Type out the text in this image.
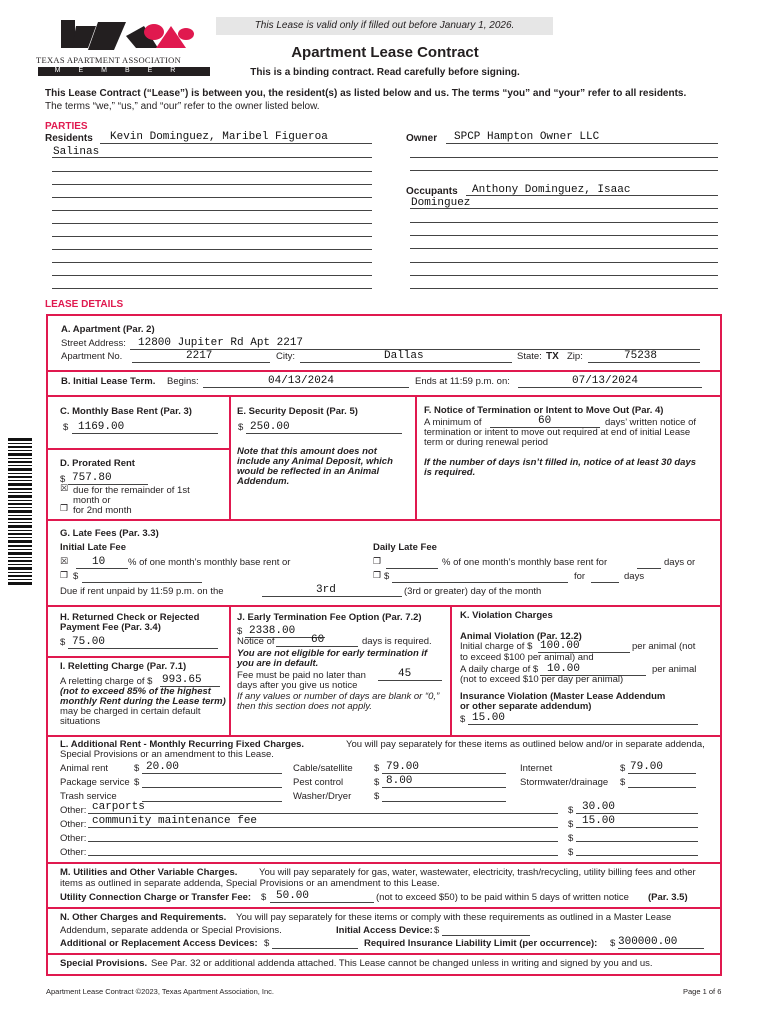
TEXAS APARTMENT ASSOCIATION
MEMBER
This Lease is valid only if filled out before January 1, 2026.
Apartment Lease Contract
This is a binding contract. Read carefully before signing.
This Lease Contract (“Lease”) is between you, the resident(s) as listed below and us. The terms “you” and “your” refer to all residents.
The terms “we,” “us,” and “our” refer to the owner listed below.
PARTIES
Residents Kevin Dominguez, Maribel Figueroa
Salinas
Owner SPCP Hampton Owner LLC
Occupants Anthony Dominguez, Isaac
Dominguez
LEASE DETAILS
A. Apartment (Par. 2)
Street Address: 12800 Jupiter Rd Apt 2217
Apartment No.	2217	City:	Dallas	State: TX Zip:	75238
B. Initial Lease Term. Begins:	04/13/2024	Ends at 11:59 p.m. on:	07/13/2024
C. Monthly Base Rent (Par. 3)
$ 1169.00
D. Prorated Rent
$ 757.80
☒ due for the remainder of 1st
month or
❐ for 2nd month
E. Security Deposit (Par. 5)
$ 250.00
Note that this amount does not
include any Animal Deposit, which
would be reflected in an Animal
Addendum.
F. Notice of Termination or Intent to Move Out (Par. 4)
A minimum of	60	days’ written notice of
termination or intent to move out required at end of initial Lease
term or during renewal period
If the number of days isn’t filled in, notice of at least 30 days
is required.
G. Late Fees (Par. 3.3)
Initial Late Fee
☒ 10 % of one month’s monthly base rent or
❐ $
Daily Late Fee
❐	% of one month’s monthly base rent for	days or
❐ $	for	days
Due if rent unpaid by 11:59 p.m. on the	3rd	(3rd or greater) day of the month
H. Returned Check or Rejected
Payment Fee (Par. 3.4)
$ 75.00
I. Reletting Charge (Par. 7.1)
A reletting charge of $ 993.65
(not to exceed 85% of the highest
monthly Rent during the Lease term)
may be charged in certain default
situations
J. Early Termination Fee Option (Par. 7.2)
$ 2338.00
Notice of	60	days is required.
You are not eligible for early termination if
you are in default.
Fee must be paid no later than	45
days after you give us notice
If any values or number of days are blank or “0,”
then this section does not apply.
K. Violation Charges
Animal Violation (Par. 12.2)
Initial charge of $ 100.00	per animal (not
to exceed $100 per animal) and
A daily charge of $ 10.00	per animal
(not to exceed $10 per day per animal)
Insurance Violation (Master Lease Addendum
or other separate addendum)
$ 15.00
L. Additional Rent - Monthly Recurring Fixed Charges.	You will pay separately for these items as outlined below and/or in separate addenda,
Special Provisions or an amendment to this Lease.
Animal rent	$ 20.00	Cable/satellite $ 79.00	Internet	$ 79.00
Package service $	Pest control	$ 8.00	Stormwater/drainage $
Trash service	Washer/Dryer $
Other: carports	$ 30.00
Other: community maintenance fee	$ 15.00
Other:	$
Other:	$
M. Utilities and Other Variable Charges. You will pay separately for gas, water, wastewater, electricity, trash/recycling, utility billing fees and other
items as outlined in separate addenda, Special Provisions or an amendment to this Lease.
Utility Connection Charge or Transfer Fee: $ 50.00	(not to exceed $50) to be paid within 5 days of written notice (Par. 3.5)
N. Other Charges and Requirements. You will pay separately for these items or comply with these requirements as outlined in a Master Lease
Addendum, separate addenda or Special Provisions.	Initial Access Device: $
Additional or Replacement Access Devices: $	Required Insurance Liability Limit (per occurrence): $ 300000.00
Special Provisions. See Par. 32 or additional addenda attached. This Lease cannot be changed unless in writing and signed by you and us.
Apartment Lease Contract ©2023, Texas Apartment Association, Inc.	Page 1 of 6
